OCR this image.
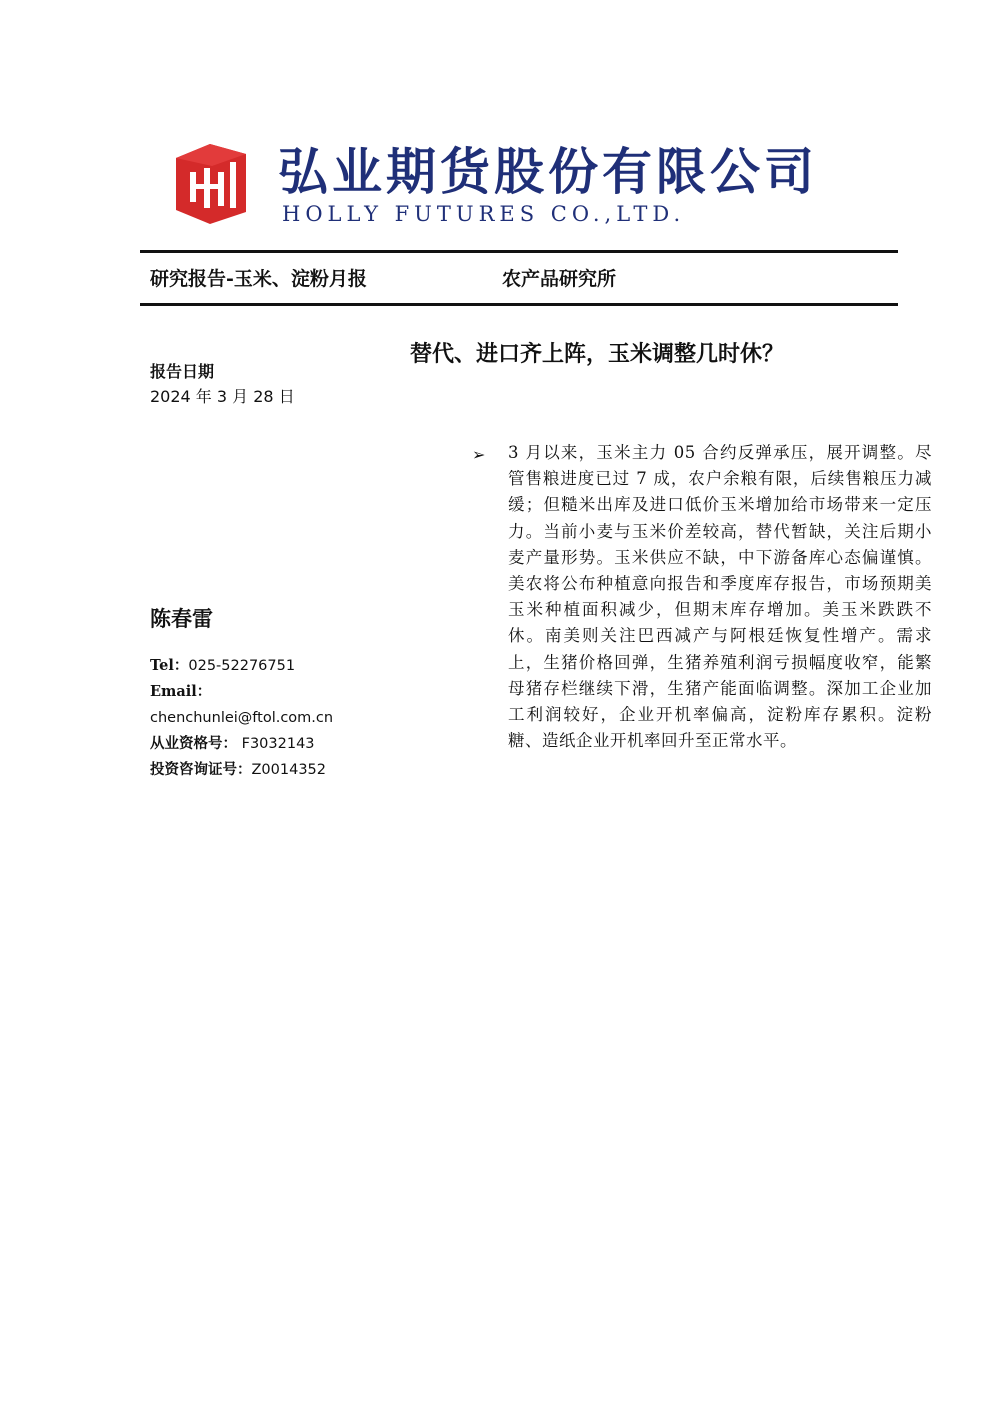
弘业期货股份有限公司
HOLLY FUTURES CO.,LTD.
研究报告-玉米、淀粉月报	农产品研究所
替代、进口齐上阵，玉米调整几时休？

报告日期

2024 年 3 月 28 日

陈春雷
Tel：025-52276751
Email：
chenchunlei@ftol.com.cn
从业资格号： F3032143
投资咨询证号：Z0014352
➢ 3 月以来，玉米主力 05 合约反弹承压，展开调整。尽管售粮进度已过 7 成，农户余粮有限，后续售粮压力减缓；但糙米出库及进口低价玉米增加给市场带来一定压力。当前小麦与玉米价差较高，替代暂缺，关注后期小麦产量形势。玉米供应不缺，中下游备库心态偏谨慎。美农将公布种植意向报告和季度库存报告，市场预期美玉米种植面积减少，但期末库存增加。美玉米跌跌不休。南美则关注巴西减产与阿根廷恢复性增产。需求上，生猪价格回弹，生猪养殖利润亏损幅度收窄，能繁母猪存栏继续下滑，生猪产能面临调整。深加工企业加工利润较好，企业开机率偏高，淀粉库存累积。淀粉糖、造纸企业开机率回升至正常水平。
